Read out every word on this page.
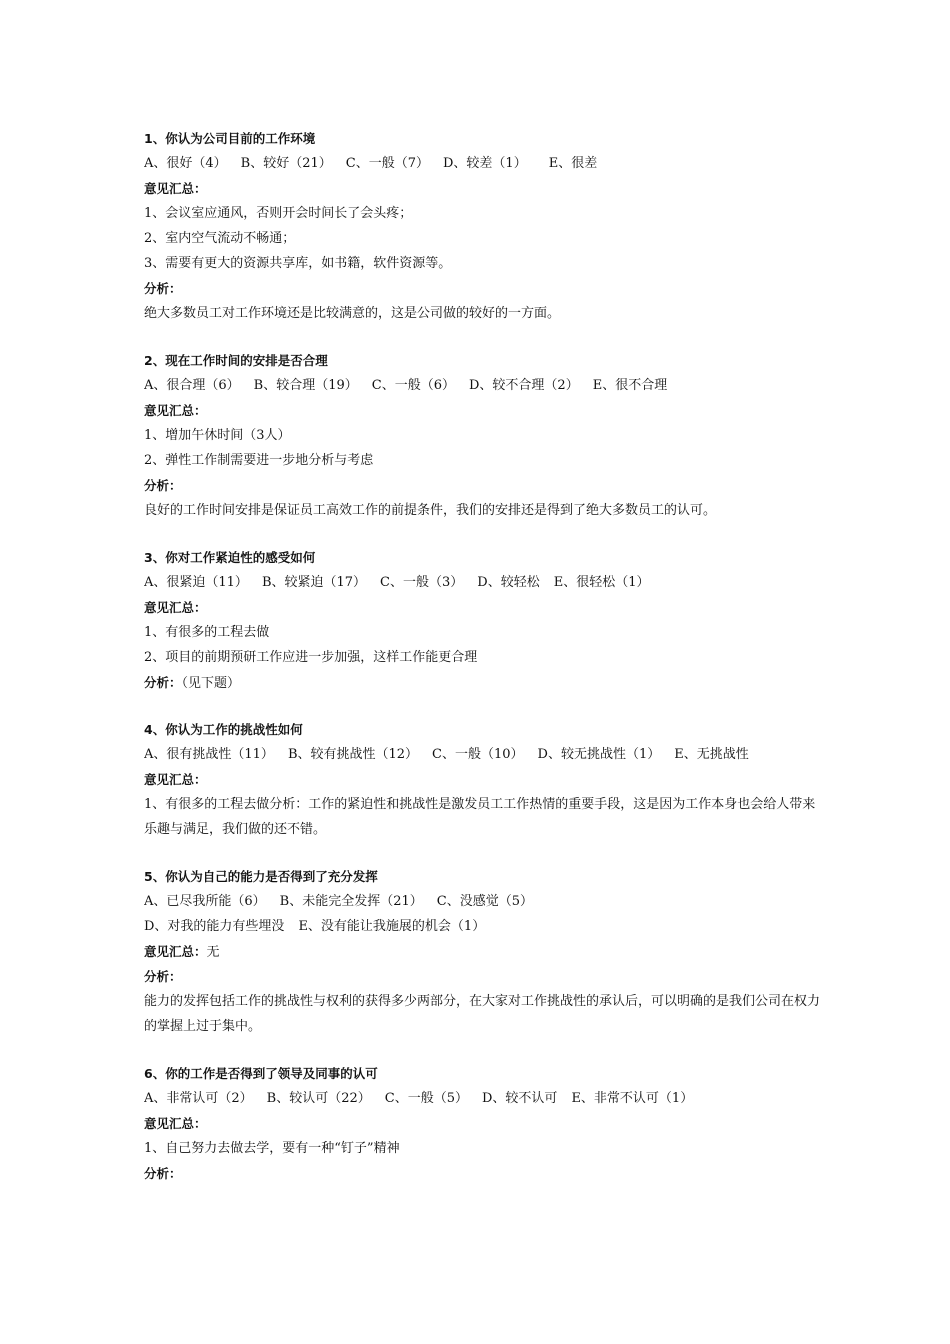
1、你认为公司目前的工作环境
A、很好（4） B、较好（21） C、一般（7） D、较差（1） E、很差
意见汇总：
1、会议室应通风，否则开会时间长了会头疼；
2、室内空气流动不畅通；
3、需要有更大的资源共享库，如书籍，软件资源等。
分析：
绝大多数员工对工作环境还是比较满意的，这是公司做的较好的一方面。
2、现在工作时间的安排是否合理
A、很合理（6） B、较合理（19） C、一般（6） D、较不合理（2） E、很不合理
意见汇总：
1、增加午休时间（3人）
2、弹性工作制需要进一步地分析与考虑
分析：
良好的工作时间安排是保证员工高效工作的前提条件，我们的安排还是得到了绝大多数员工的认可。
3、你对工作紧迫性的感受如何
A、很紧迫（11） B、较紧迫（17） C、一般（3） D、较轻松 E、很轻松（1）
意见汇总：
1、有很多的工程去做
2、项目的前期预研工作应进一步加强，这样工作能更合理
分析：（见下题）
4、你认为工作的挑战性如何
A、很有挑战性（11） B、较有挑战性（12） C、一般（10） D、较无挑战性（1） E、无挑战性
意见汇总：
1、有很多的工程去做分析：工作的紧迫性和挑战性是激发员工工作热情的重要手段，这是因为工作本身也会给人带来乐趣与满足，我们做的还不错。
5、你认为自己的能力是否得到了充分发挥
A、已尽我所能（6） B、未能完全发挥（21） C、没感觉（5）
D、对我的能力有些埋没 E、没有能让我施展的机会（1）
意见汇总：无
分析：
能力的发挥包括工作的挑战性与权利的获得多少两部分，在大家对工作挑战性的承认后，可以明确的是我们公司在权力的掌握上过于集中。
6、你的工作是否得到了领导及同事的认可
A、非常认可（2） B、较认可（22） C、一般（5） D、较不认可 E、非常不认可（1）
意见汇总：
1、自己努力去做去学，要有一种“钉子”精神
分析：
